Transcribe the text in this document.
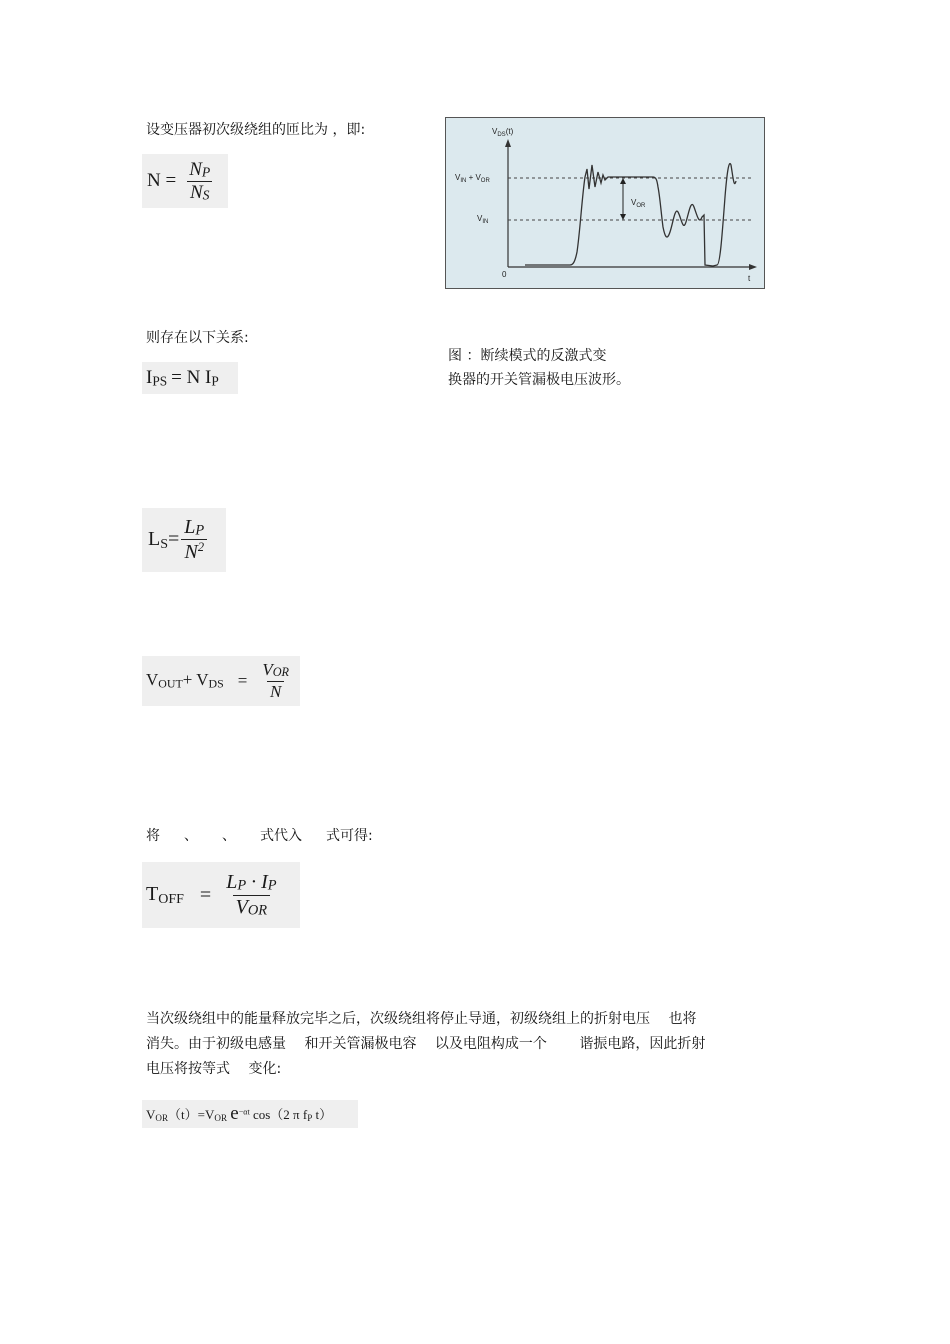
设变压器初次级绕组的匝比为 ，即:
$N = \frac{NP}{NS}$
$V_{DS}(t)$
$V_{IN} + V_{OR}$
$V_{IN}$
$V_{OR}$
0	t
图 ：断续模式的反激式变
换器的开关管漏极电压波形。
则存在以下关系:
$I_{PS} = N$ $I_P$
$LS= \frac{LP}{N^2}$
VOUT+ VDS = $\frac{\text{VOR}}{N}$
将 、 、 式代入 式可得:
TOFF = $\frac{LP \cdot IP}{\text{VOR}}$
当次级绕组中的能量释放完毕之后，次级绕组将停止导通，初级绕组上的折射电压　 也将
消失。由于初级电感量　 和开关管漏极电容　 以及电阻构成一个　　 谐振电路，因此折射
电压将按等式　 变化:
$V_{OR}(t)=V_{OR}$ $e^{-\alpha t}$ cos（2 π $f_P$ t）
